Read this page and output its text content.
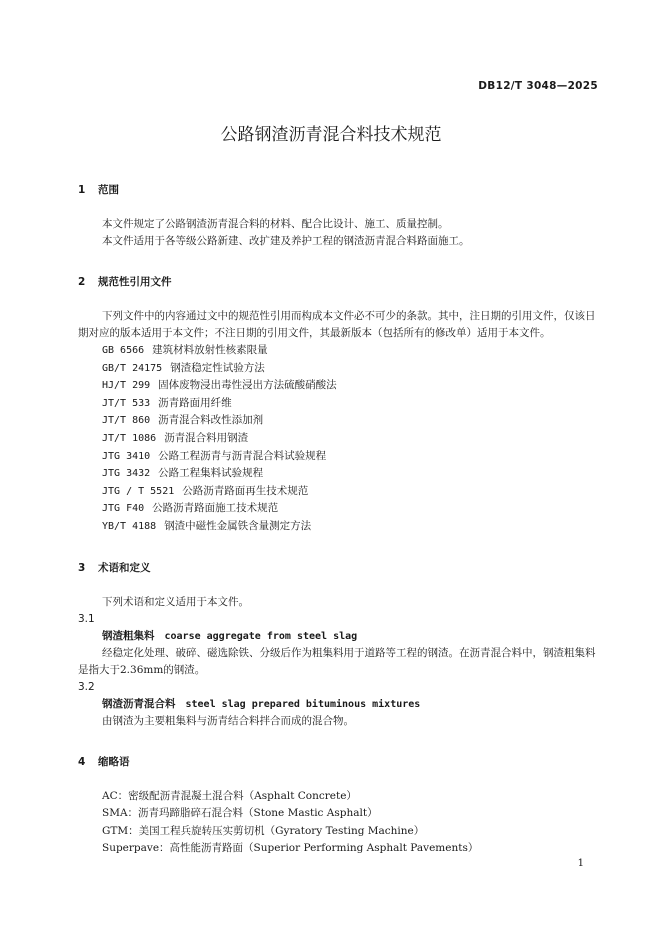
DB12/T 3048—2025
公路钢渣沥青混合料技术规范
1 范围

本文件规定了公路钢渣沥青混合料的材料、配合比设计、施工、质量控制。

本文件适用于各等级公路新建、改扩建及养护工程的钢渣沥青混合料路面施工。

2 规范性引用文件

下列文件中的内容通过文中的规范性引用而构成本文件必不可少的条款。其中，注日期的引用文件，仅该日期对应的版本适用于本文件；不注日期的引用文件，其最新版本（包括所有的修改单）适用于本文件。

GB 6566 建筑材料放射性核素限量

GB/T 24175 钢渣稳定性试验方法

HJ/T 299 固体废物浸出毒性浸出方法硫酸硝酸法

JT/T 533 沥青路面用纤维

JT/T 860 沥青混合料改性添加剂

JT/T 1086 沥青混合料用钢渣

JTG 3410 公路工程沥青与沥青混合料试验规程

JTG 3432 公路工程集料试验规程

JTG / T 5521 公路沥青路面再生技术规范

JTG F40 公路沥青路面施工技术规范

YB/T 4188 钢渣中磁性金属铁含量测定方法

3 术语和定义

下列术语和定义适用于本文件。

3.1

钢渣粗集料 coarse aggregate from steel slag

经稳定化处理、破碎、磁选除铁、分级后作为粗集料用于道路等工程的钢渣。在沥青混合料中，钢渣粗集料是指大于2.36mm的钢渣。

3.2

钢渣沥青混合料 steel slag prepared bituminous mixtures

由钢渣为主要粗集料与沥青结合料拌合而成的混合物。

4 缩略语

AC：密级配沥青混凝土混合料（Asphalt Concrete）

SMA：沥青玛蹄脂碎石混合料（Stone Mastic Asphalt）

GTM：美国工程兵旋转压实剪切机（Gyratory Testing Machine）

Superpave：高性能沥青路面（Superior Performing Asphalt Pavements）

1
